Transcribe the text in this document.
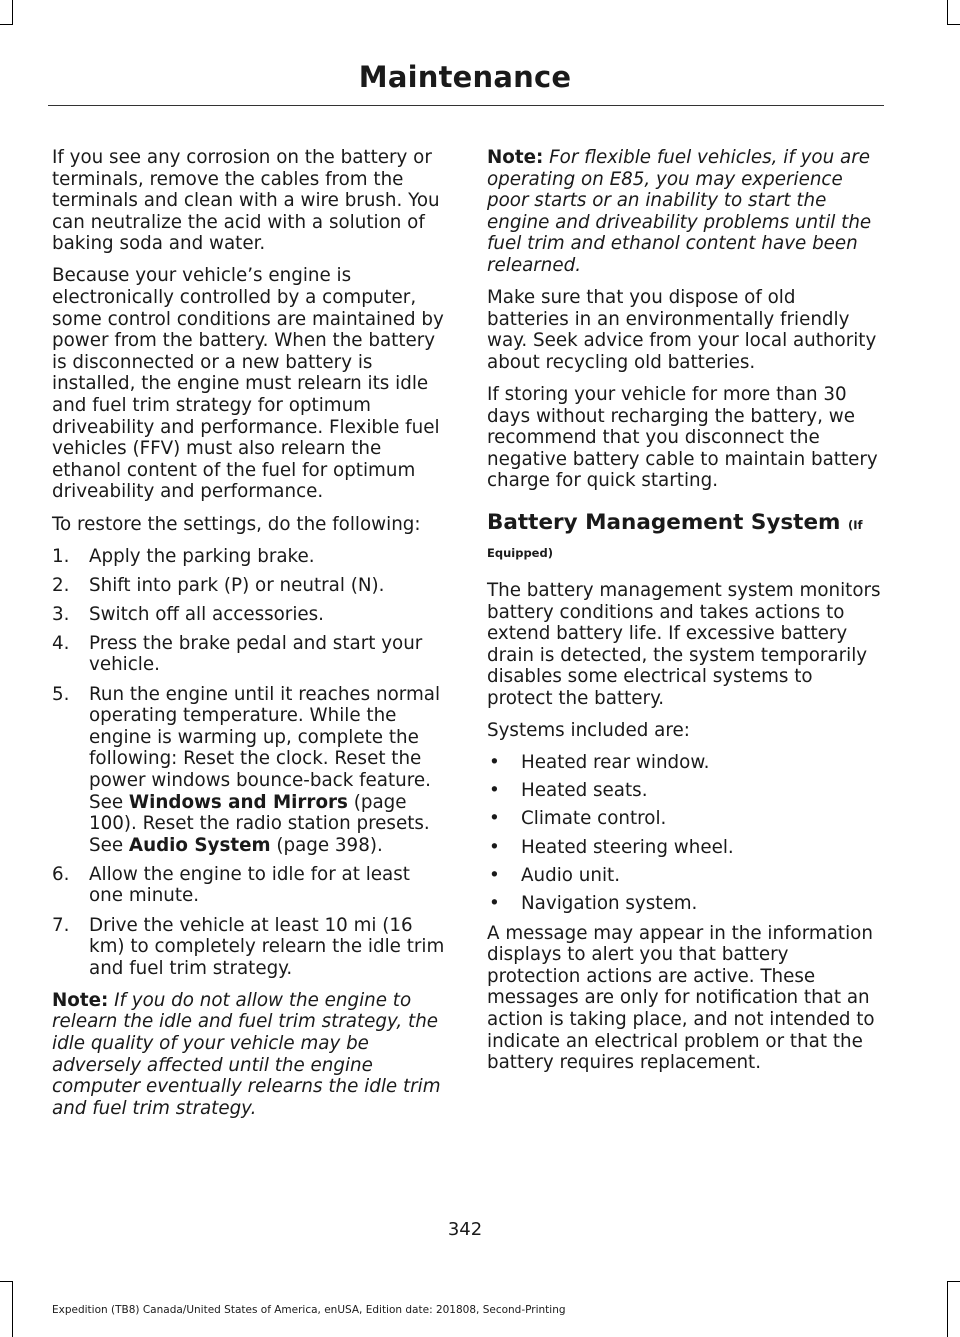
Maintenance

If you see any corrosion on the battery or terminals, remove the cables from the terminals and clean with a wire brush. You can neutralize the acid with a solution of baking soda and water.

Because your vehicle’s engine is electronically controlled by a computer, some control conditions are maintained by power from the battery. When the battery is disconnected or a new battery is installed, the engine must relearn its idle and fuel trim strategy for optimum driveability and performance. Flexible fuel vehicles (FFV) must also relearn the ethanol content of the fuel for optimum driveability and performance.

To restore the settings, do the following:

1. Apply the parking brake.
2. Shift into park (P) or neutral (N).
3. Switch off all accessories.
4. Press the brake pedal and start your vehicle.
5. Run the engine until it reaches normal operating temperature. While the engine is warming up, complete the following: Reset the clock. Reset the power windows bounce-back feature. See Windows and Mirrors (page 100). Reset the radio station presets. See Audio System (page 398).
6. Allow the engine to idle for at least one minute.
7. Drive the vehicle at least 10 mi (16 km) to completely relearn the idle trim and fuel trim strategy.

Note: If you do not allow the engine to relearn the idle and fuel trim strategy, the idle quality of your vehicle may be adversely affected until the engine computer eventually relearns the idle trim and fuel trim strategy.

Note: For flexible fuel vehicles, if you are operating on E85, you may experience poor starts or an inability to start the engine and driveability problems until the fuel trim and ethanol content have been relearned.

Make sure that you dispose of old batteries in an environmentally friendly way. Seek advice from your local authority about recycling old batteries.

If storing your vehicle for more than 30 days without recharging the battery, we recommend that you disconnect the negative battery cable to maintain battery charge for quick starting.

Battery Management System (If Equipped)

The battery management system monitors battery conditions and takes actions to extend battery life. If excessive battery drain is detected, the system temporarily disables some electrical systems to protect the battery.

Systems included are:

• Heated rear window.
• Heated seats.
• Climate control.
• Heated steering wheel.
• Audio unit.
• Navigation system.

A message may appear in the information displays to alert you that battery protection actions are active. These messages are only for notification that an action is taking place, and not intended to indicate an electrical problem or that the battery requires replacement.

342
Expedition (TB8) Canada/United States of America, enUSA, Edition date: 201808, Second-Printing
